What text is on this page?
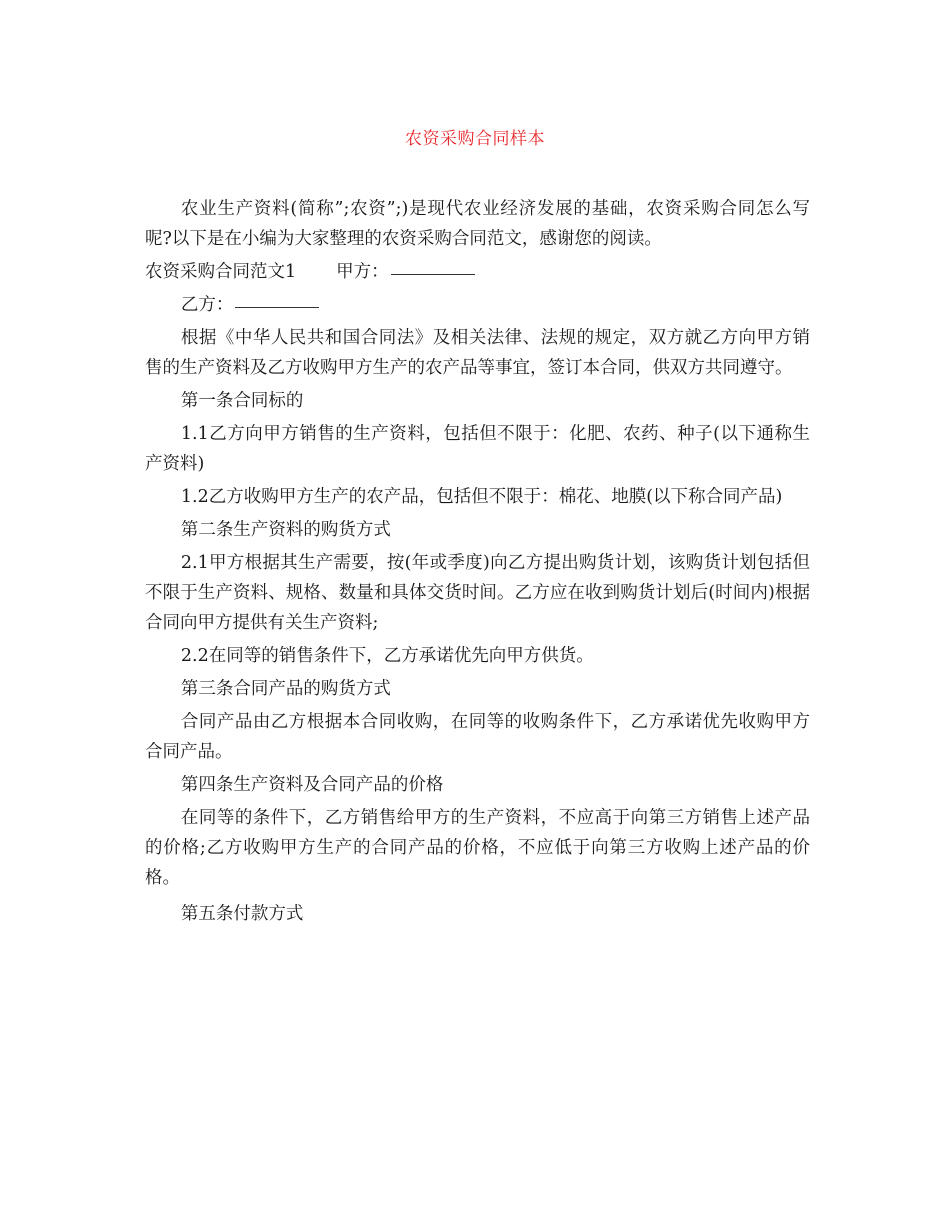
农资采购合同样本

农业生产资料(简称”;农资”;)是现代农业经济发展的基础，农资采购合同怎么写呢?以下是在小编为大家整理的农资采购合同范文，感谢您的阅读。

农资采购合同范文1 甲方：

乙方：

根据《中华人民共和国合同法》及相关法律、法规的规定，双方就乙方向甲方销售的生产资料及乙方收购甲方生产的农产品等事宜，签订本合同，供双方共同遵守。

第一条合同标的

1.1乙方向甲方销售的生产资料，包括但不限于：化肥、农药、种子(以下通称生产资料)

1.2乙方收购甲方生产的农产品，包括但不限于：棉花、地膜(以下称合同产品)

第二条生产资料的购货方式

2.1甲方根据其生产需要，按(年或季度)向乙方提出购货计划，该购货计划包括但不限于生产资料、规格、数量和具体交货时间。乙方应在收到购货计划后(时间内)根据合同向甲方提供有关生产资料;

2.2在同等的销售条件下，乙方承诺优先向甲方供货。

第三条合同产品的购货方式

合同产品由乙方根据本合同收购，在同等的收购条件下，乙方承诺优先收购甲方合同产品。

第四条生产资料及合同产品的价格

在同等的条件下，乙方销售给甲方的生产资料，不应高于向第三方销售上述产品的价格;乙方收购甲方生产的合同产品的价格，不应低于向第三方收购上述产品的价格。

第五条付款方式
